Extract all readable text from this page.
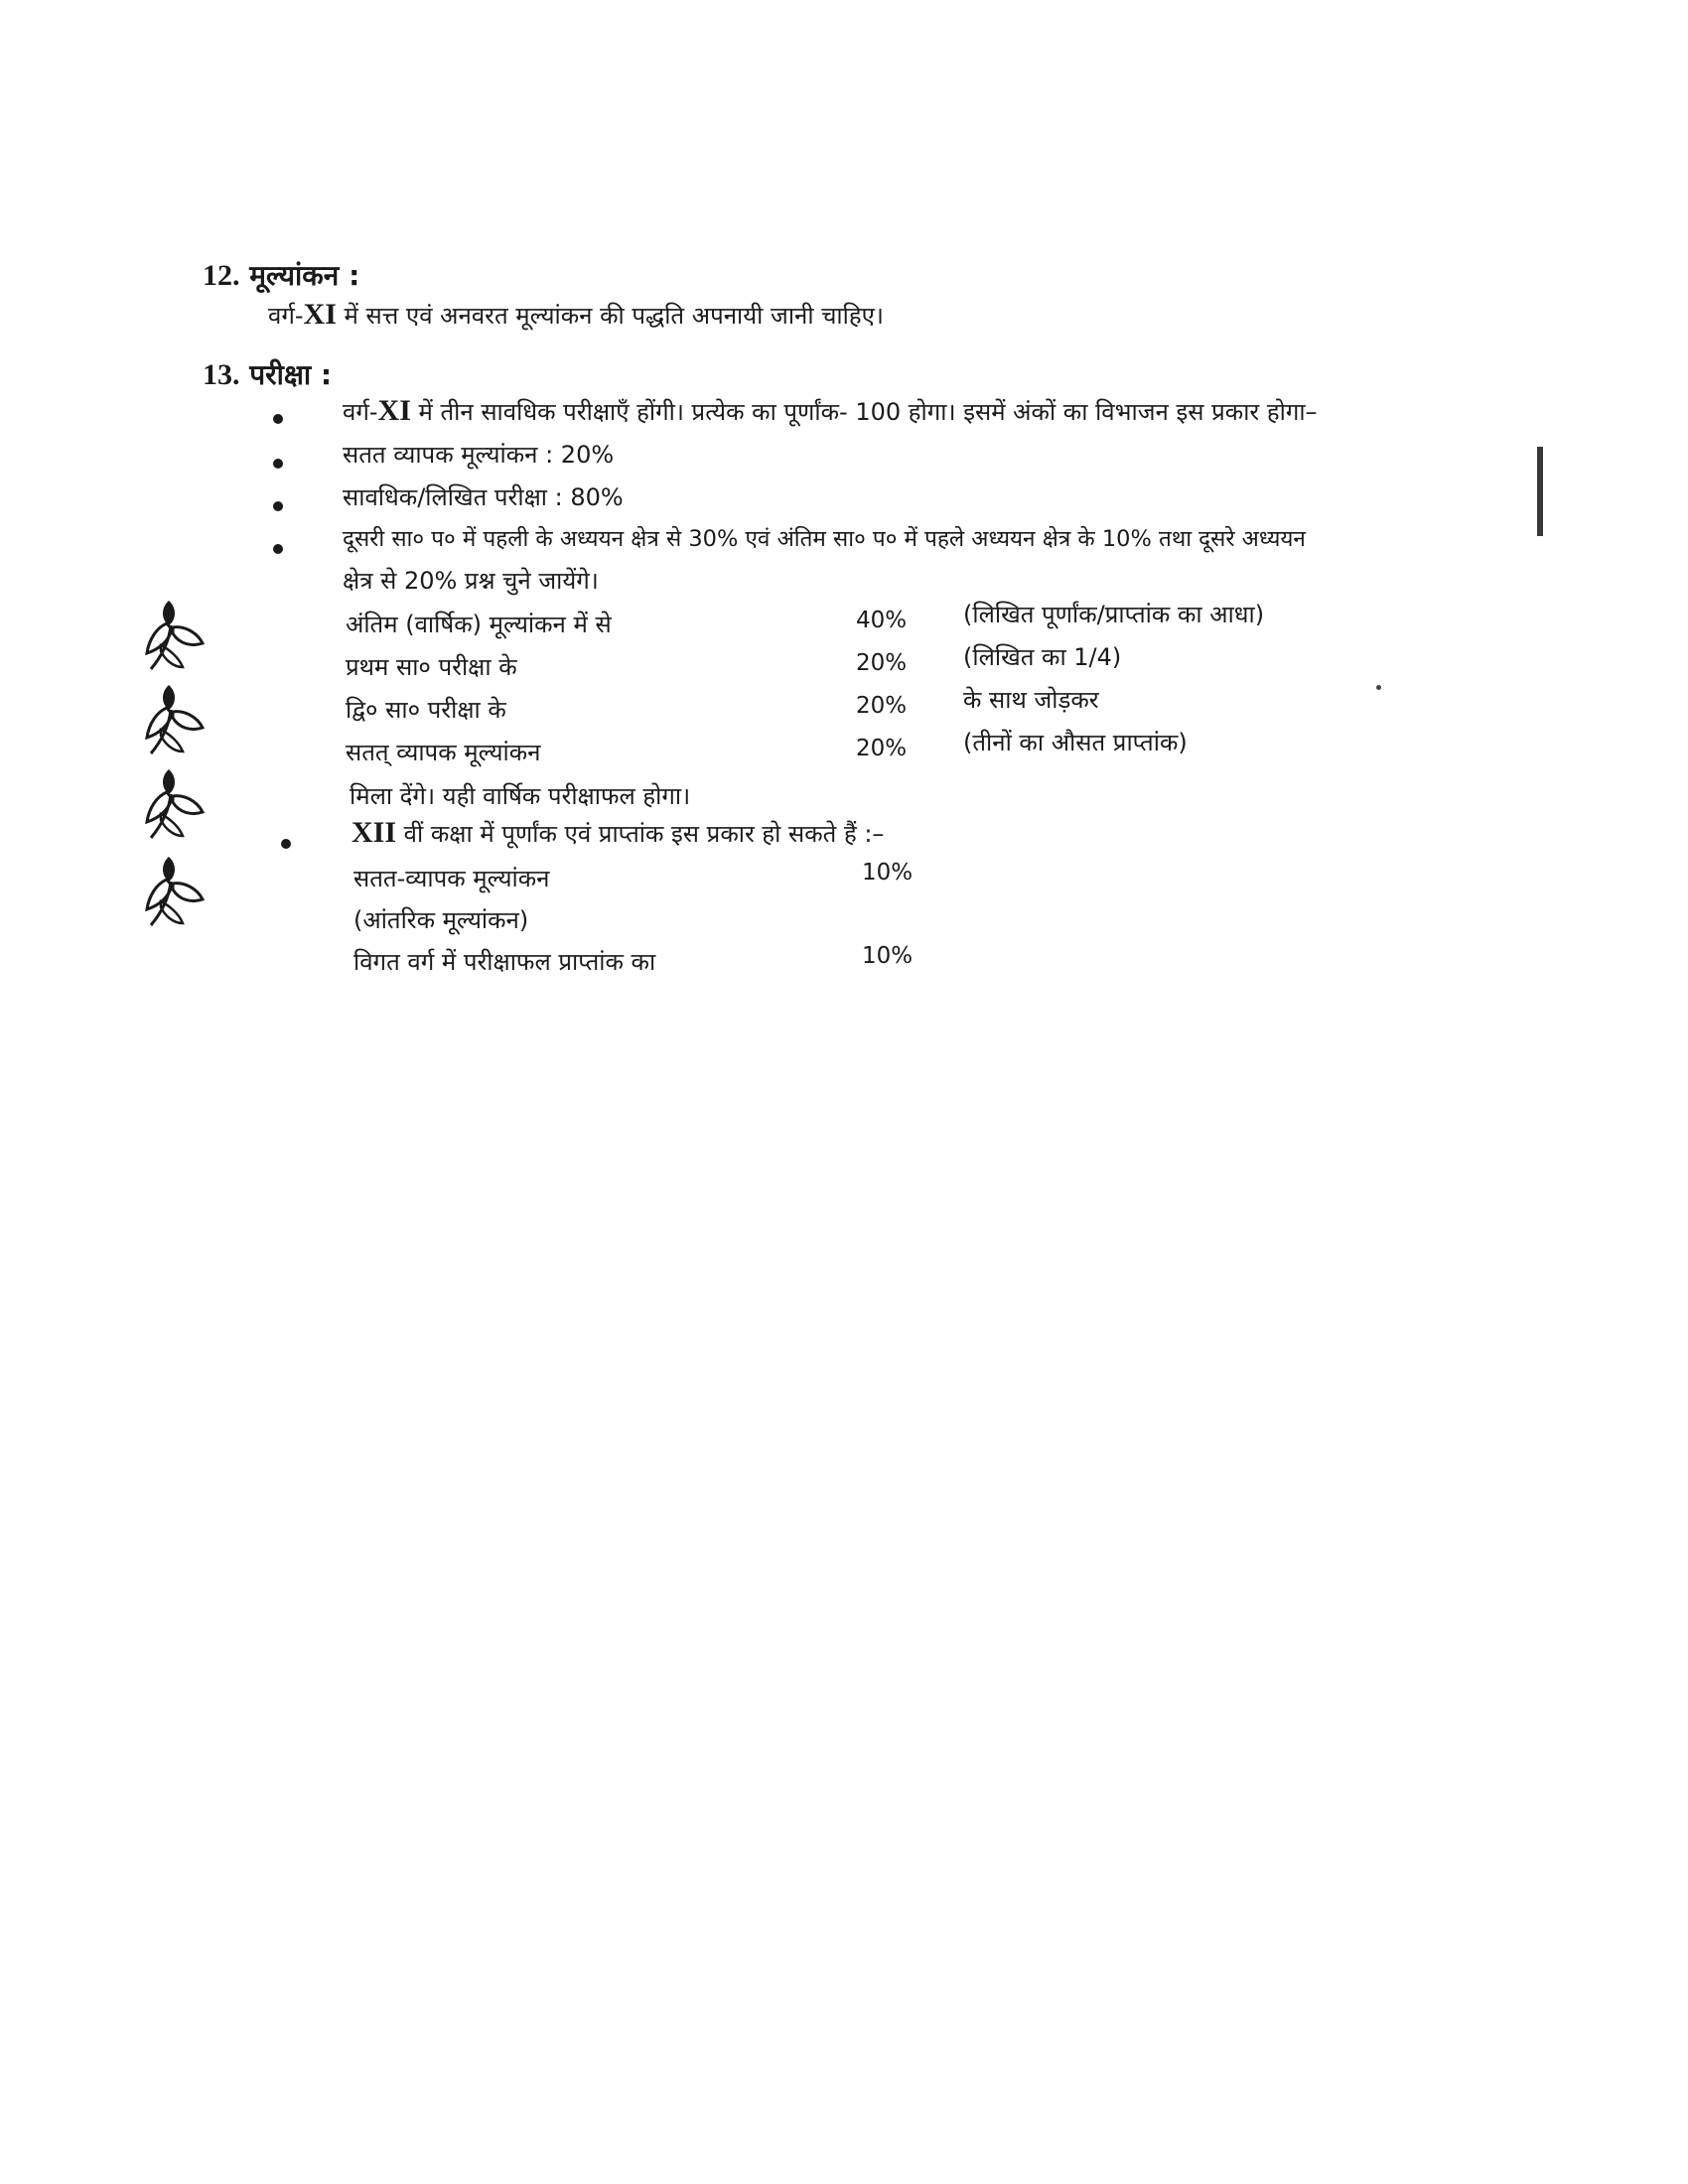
12. मूल्यांकन :
वर्ग-XI में सत्त एवं अनवरत मूल्यांकन की पद्धति अपनायी जानी चाहिए।
13. परीक्षा :
वर्ग-XI में तीन सावधिक परीक्षाएँ होंगी। प्रत्येक का पूर्णांक- 100 होगा। इसमें अंकों का विभाजन इस प्रकार होगा–
सतत व्यापक मूल्यांकन : 20%
सावधिक/लिखित परीक्षा : 80%
दूसरी सा० प० में पहली के अध्ययन क्षेत्र से 30% एवं अंतिम सा० प० में पहले अध्ययन क्षेत्र के 10% तथा दूसरे अध्ययन
क्षेत्र से 20% प्रश्न चुने जायेंगे।
अंतिम (वार्षिक) मूल्यांकन में से	40% (लिखित पूर्णांक/प्राप्तांक का आधा)
प्रथम सा० परीक्षा के	20% (लिखित का 1/4)
द्वि० सा० परीक्षा के	20% के साथ जोड़कर
सतत् व्यापक मूल्यांकन	20% (तीनों का औसत प्राप्तांक)
मिला देंगे। यही वार्षिक परीक्षाफल होगा।
XII वीं कक्षा में पूर्णांक एवं प्राप्तांक इस प्रकार हो सकते हैं :–
सतत-व्यापक मूल्यांकन	10%
(आंतरिक मूल्यांकन)
विगत वर्ग में परीक्षाफल प्राप्तांक का	10%
